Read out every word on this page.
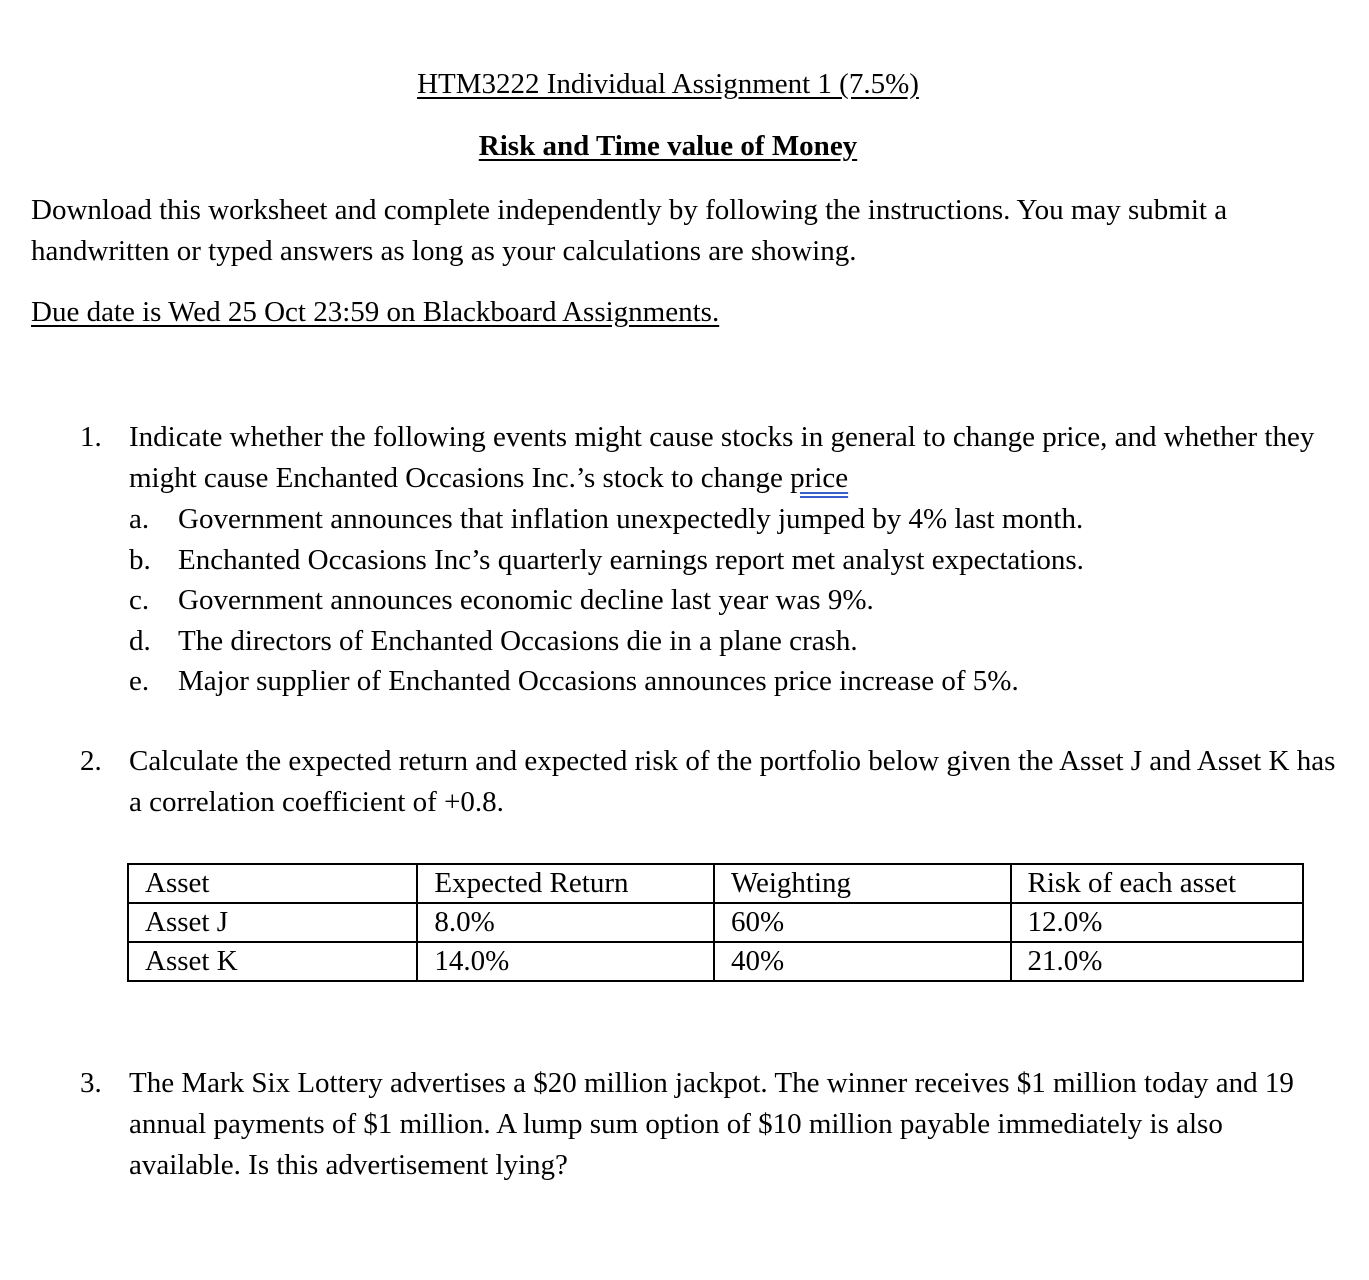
HTM3222 Individual Assignment 1 (7.5%)
Risk and Time value of Money
Download this worksheet and complete independently by following the instructions. You may submit a handwritten or typed answers as long as your calculations are showing.
Due date is Wed 25 Oct 23:59 on Blackboard Assignments.
1. Indicate whether the following events might cause stocks in general to change price, and whether they might cause Enchanted Occasions Inc.’s stock to change price
a. Government announces that inflation unexpectedly jumped by 4% last month.
b. Enchanted Occasions Inc’s quarterly earnings report met analyst expectations.
c. Government announces economic decline last year was 9%.
d. The directors of Enchanted Occasions die in a plane crash.
e. Major supplier of Enchanted Occasions announces price increase of 5%.
2. Calculate the expected return and expected risk of the portfolio below given the Asset J and Asset K has a correlation coefficient of +0.8.
Asset	Expected Return	Weighting	Risk of each asset
Asset J	8.0%	60%	12.0%
Asset K	14.0%	40%	21.0%
3. The Mark Six Lottery advertises a $20 million jackpot. The winner receives $1 million today and 19 annual payments of $1 million. A lump sum option of $10 million payable immediately is also available. Is this advertisement lying?
